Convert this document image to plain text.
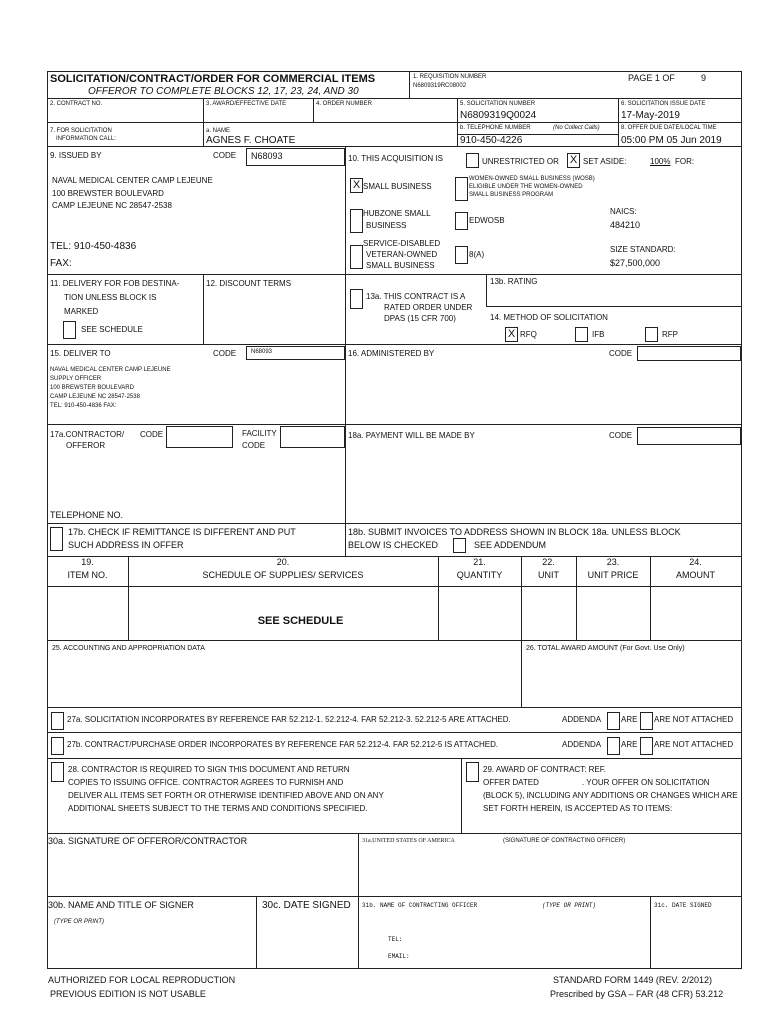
SOLICITATION/CONTRACT/ORDER FOR COMMERCIAL ITEMS
OFFEROR TO COMPLETE BLOCKS 12, 17, 23, 24, AND 30
1. REQUISITION NUMBER
N6809319RC08002
PAGE 1 OF	9
2. CONTRACT NO.	3. AWARD/EFFECTIVE DATE	4. ORDER NUMBER	5. SOLICITATION NUMBER
N6809319Q0024
6. SOLICITATION ISSUE DATE
17-May-2019
7. FOR SOLICITATION
INFORMATION CALL:
a. NAME
AGNES F. CHOATE
b. TELEPHONE NUMBER	(No Collect Calls)
910-450-4226
8. OFFER DUE DATE/LOCAL TIME
05:00 PM 05 Jun 2019
9. ISSUED BY	CODE N68093
NAVAL MEDICAL CENTER CAMP LEJEUNE
100 BREWSTER BOULEVARD
CAMP LEJEUNE NC 28547-2538
TEL: 910-450-4836
FAX:
10. THIS ACQUISITION IS	UNRESTRICTED OR X SET ASIDE:	100% FOR:
X SMALL BUSINESS
WOMEN-OWNED SMALL BUSINESS (WOSB)
ELIGIBLE UNDER THE WOMEN-OWNED
SMALL BUSINESS PROGRAM
HUBZONE SMALL
BUSINESS
EDWOSB
NAICS:
484210
SERVICE-DISABLED
VETERAN-OWNED
SMALL BUSINESS
8(A)
SIZE STANDARD:
$27,500,000
11. DELIVERY FOR FOB DESTINA-
TION UNLESS BLOCK IS
MARKED
SEE SCHEDULE
12. DISCOUNT TERMS
13a. THIS CONTRACT IS A
RATED ORDER UNDER
DPAS (15 CFR 700)
13b. RATING
14. METHOD OF SOLICITATION
X RFQ	IFB	RFP
15. DELIVER TO	CODE N68093
NAVAL MEDICAL CENTER CAMP LEJEUNE
SUPPLY OFFICER
100 BREWSTER BOULEVARD
CAMP LEJEUNE NC 28547-2538
TEL: 910-450-4836 FAX:
16. ADMINISTERED BY	CODE
17a.CONTRACTOR/
OFFEROR
CODE	FACILITY
CODE
TELEPHONE NO.
18a. PAYMENT WILL BE MADE BY	CODE
17b. CHECK IF REMITTANCE IS DIFFERENT AND PUT
SUCH ADDRESS IN OFFER
18b. SUBMIT INVOICES TO ADDRESS SHOWN IN BLOCK 18a. UNLESS BLOCK
BELOW IS CHECKED	SEE ADDENDUM
19.
ITEM NO.
20.
SCHEDULE OF SUPPLIES/ SERVICES
21.
QUANTITY
22.
UNIT
23.
UNIT PRICE
24.
AMOUNT
SEE SCHEDULE
25. ACCOUNTING AND APPROPRIATION DATA	26. TOTAL AWARD AMOUNT (For Govt. Use Only)
27a. SOLICITATION INCORPORATES BY REFERENCE FAR 52.212-1. 52.212-4. FAR 52.212-3. 52.212-5 ARE ATTACHED.	ADDENDA ARE ARE NOT ATTACHED
27b. CONTRACT/PURCHASE ORDER INCORPORATES BY REFERENCE FAR 52.212-4. FAR 52.212-5 IS ATTACHED.	ADDENDA ARE ARE NOT ATTACHED
28. CONTRACTOR IS REQUIRED TO SIGN THIS DOCUMENT AND RETURN
COPIES TO ISSUING OFFICE. CONTRACTOR AGREES TO FURNISH AND
DELIVER ALL ITEMS SET FORTH OR OTHERWISE IDENTIFIED ABOVE AND ON ANY
ADDITIONAL SHEETS SUBJECT TO THE TERMS AND CONDITIONS SPECIFIED.
29. AWARD OF CONTRACT: REF.
OFFER DATED	. YOUR OFFER ON SOLICITATION
(BLOCK 5), INCLUDING ANY ADDITIONS OR CHANGES WHICH ARE
SET FORTH HEREIN, IS ACCEPTED AS TO ITEMS:
30a. SIGNATURE OF OFFEROR/CONTRACTOR	31a.UNITED STATES OF AMERICA	(SIGNATURE OF CONTRACTING OFFICER)
30b. NAME AND TITLE OF SIGNER
(TYPE OR PRINT)
30c. DATE SIGNED 31b. NAME OF CONTRACTING OFFICER	(TYPE OR PRINT)	31c. DATE SIGNED
TEL:
EMAIL:
AUTHORIZED FOR LOCAL REPRODUCTION
PREVIOUS EDITION IS NOT USABLE
STANDARD FORM 1449 (REV. 2/2012)
Prescribed by GSA – FAR (48 CFR) 53.212
